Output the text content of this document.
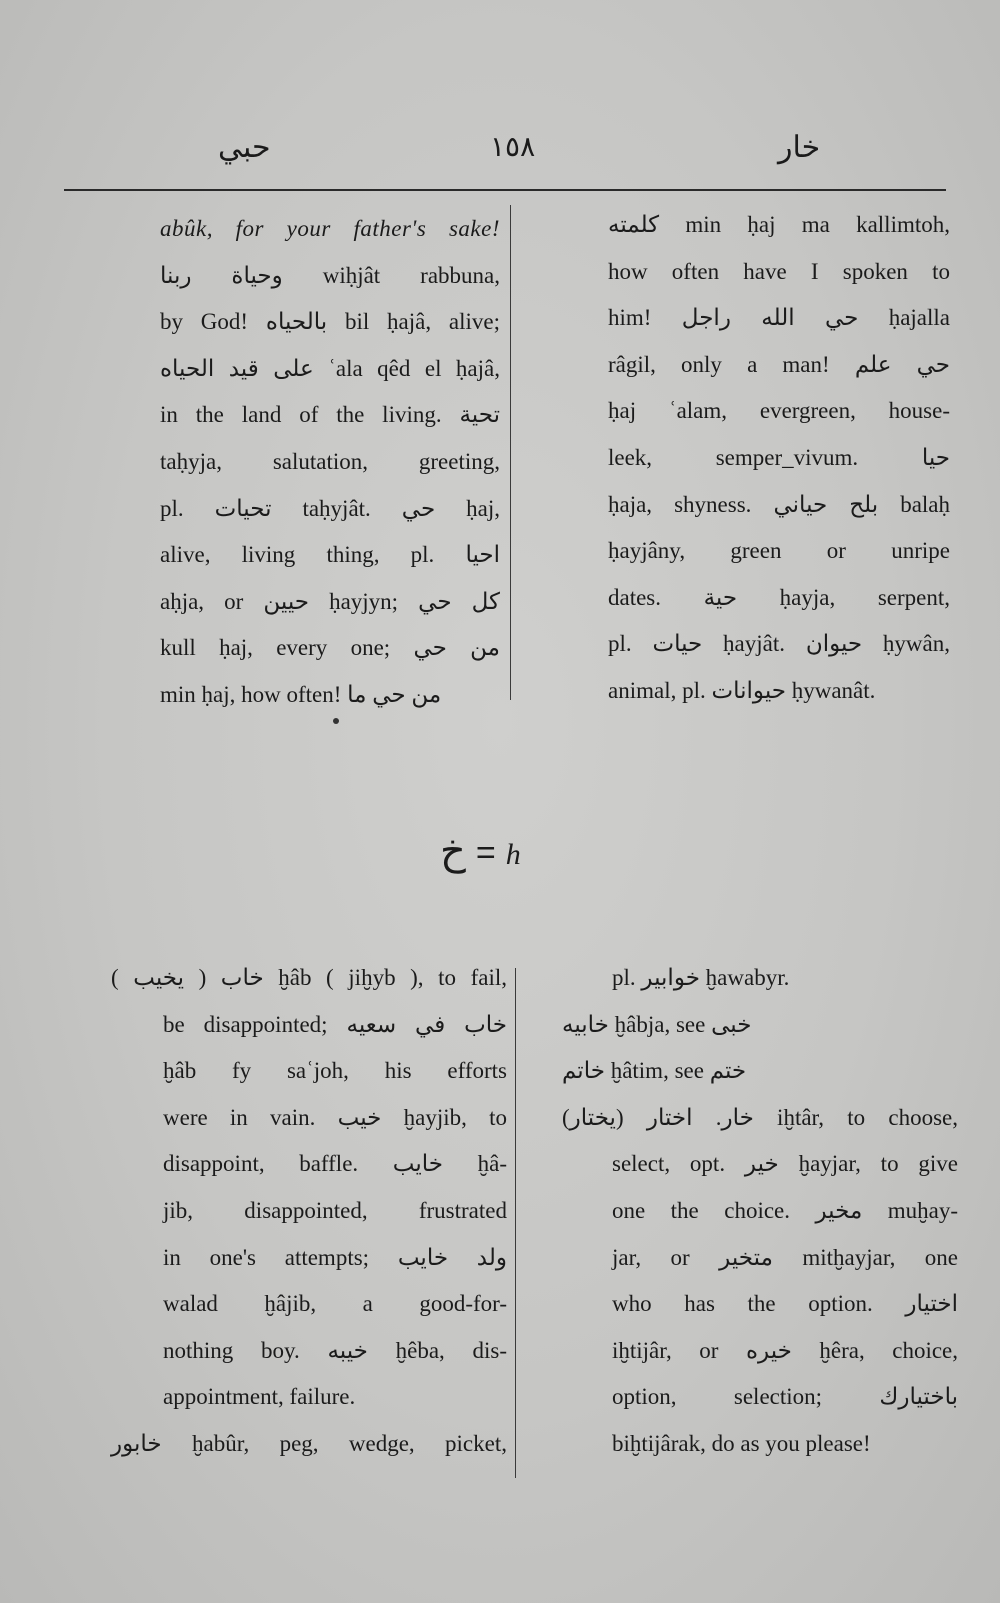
حبي	١٥٨	خار
abûk, for your father's sake!
وحياة ربنا wiḥjât rabbuna,
by God! بالحياه bil ḥajâ, alive;
على قيد الحياه ʿala qêd el ḥajâ,
in the land of the living. تحية
taḥyja, salutation, greeting,
pl. تحيات taḥyjât. حي ḥaj,
alive, living thing, pl. احيا
aḥja, or حيين ḥayjyn; كل حي
kull ḥaj, every one; من حي
min ḥaj, how often! من حي ما
كلمته min ḥaj ma kallimtoh,
how often have I spoken to
him! حي الله راجل ḥajalla
râgil, only a man! حي علم
ḥaj ʿalam, evergreen, house-
leek, semper_vivum. حيا
ḥaja, shyness. بلح حياني balaḥ
ḥayjâny, green or unripe
dates. حية ḥayja, serpent,
pl. حيات ḥayjât. حيوان ḥywân,
animal, pl. حيوانات ḥywanât.
خ = h
خاب ( يخيب ) ḫâb ( jiḫyb ), to fail,
be disappointed; خاب في سعيه
ḫâb fy saʿjoh, his efforts
were in vain. خيب ḫayjib, to
disappoint, baffle. خايب ḫâ-
jib, disappointed, frustrated
in one's attempts; ولد خايب
walad ḫâjib, a good-for-
nothing boy. خيبه ḫêba, dis-
appointment, failure.
خابور ḫabûr, peg, wedge, picket,
pl. خوابير ḫawabyr.
خابيه ḫâbja, see خبى
خاتم ḫâtim, see ختم
خار. اختار (يختار) iḫtâr, to choose,
select, opt. خير ḫayjar, to give
one the choice. مخير muḫay-
jar, or متخير mitḫayjar, one
who has the option. اختيار
iḫtijâr, or خيره ḫêra, choice,
option, selection; باختيارك
biḫtijârak, do as you please!
